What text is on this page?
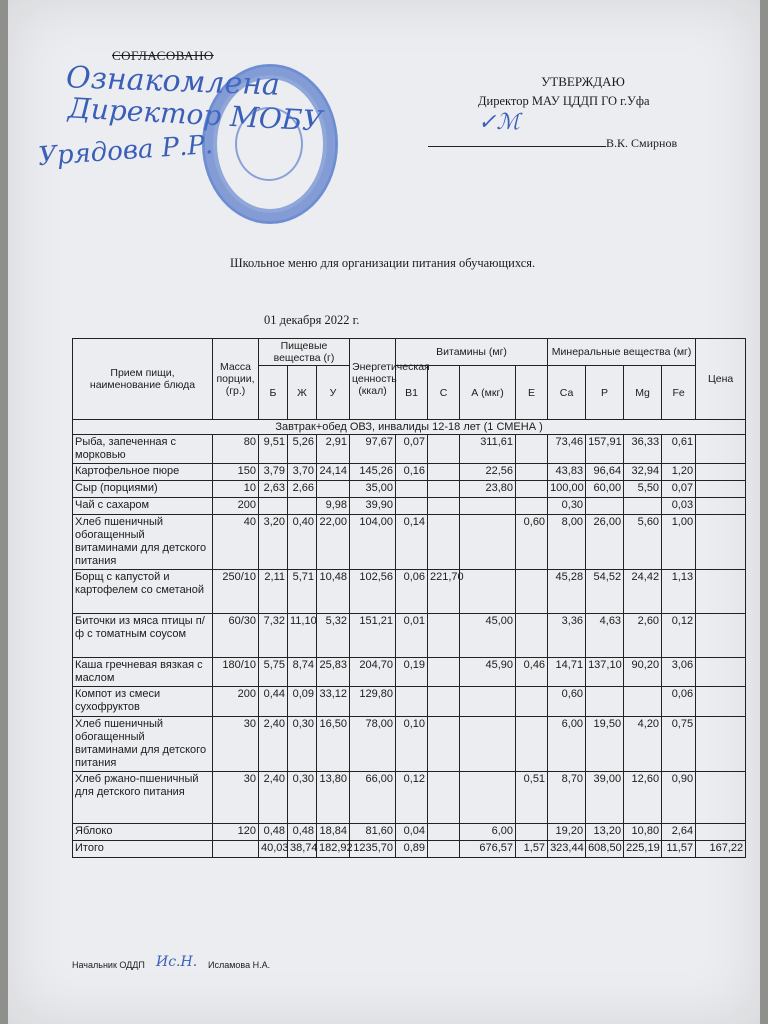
СОГЛАСОВАНО
Ознакомлена
Директор МОБУ
Урядова Р.Р.
УТВЕРЖДАЮ
Директор МАУ ЦДДП ГО г.Уфа
✓ℳ
В.К. Смирнов
Школьное меню для организации питания обучающихся.
01 декабря 2022 г.
Прием пищи, наименование блюда	Масса порции, (гр.)	Пищевые вещества (г)			Энергетическая ценность (ккал)	Витамины (мг)				Минеральные вещества (мг)				Цена
		Б	Ж	У		В1	С	А (мкг)	Е	Са	Р	Mg	Fe	
Завтрак+обед ОВЗ, инвалиды 12-18 лет (1 СМЕНА )														
Рыба, запеченная с морковью	80	9,51	5,26	2,91	97,67	0,07		311,61		73,46	157,91	36,33	0,61	
Картофельное пюре	150	3,79	3,70	24,14	145,26	0,16		22,56		43,83	96,64	32,94	1,20	
Сыр (порциями)	10	2,63	2,66		35,00			23,80		100,00	60,00	5,50	0,07	
Чай с сахаром	200			9,98	39,90					0,30			0,03	
Хлеб пшеничный обогащенный витаминами для детского питания	40	3,20	0,40	22,00	104,00	0,14			0,60	8,00	26,00	5,60	1,00	
Борщ с капустой и картофелем со сметаной	250/10	2,11	5,71	10,48	102,56	0,06	221,70			45,28	54,52	24,42	1,13	
Биточки из мяса птицы п/ф с томатным соусом	60/30	7,32	11,10	5,32	151,21	0,01		45,00		3,36	4,63	2,60	0,12	
Каша гречневая вязкая с маслом	180/10	5,75	8,74	25,83	204,70	0,19		45,90	0,46	14,71	137,10	90,20	3,06	
Компот из смеси сухофруктов	200	0,44	0,09	33,12	129,80					0,60			0,06	
Хлеб пшеничный обогащенный витаминами для детского питания	30	2,40	0,30	16,50	78,00	0,10				6,00	19,50	4,20	0,75	
Хлеб ржано-пшеничный для детского питания	30	2,40	0,30	13,80	66,00	0,12			0,51	8,70	39,00	12,60	0,90	
Яблоко	120	0,48	0,48	18,84	81,60	0,04		6,00		19,20	13,20	10,80	2,64	
Итого		40,03	38,74	182,92	1235,70	0,89		676,57	1,57	323,44	608,50	225,19	11,57	167,22
Начальник ОДДП Ис.Н. Исламова Н.А.
